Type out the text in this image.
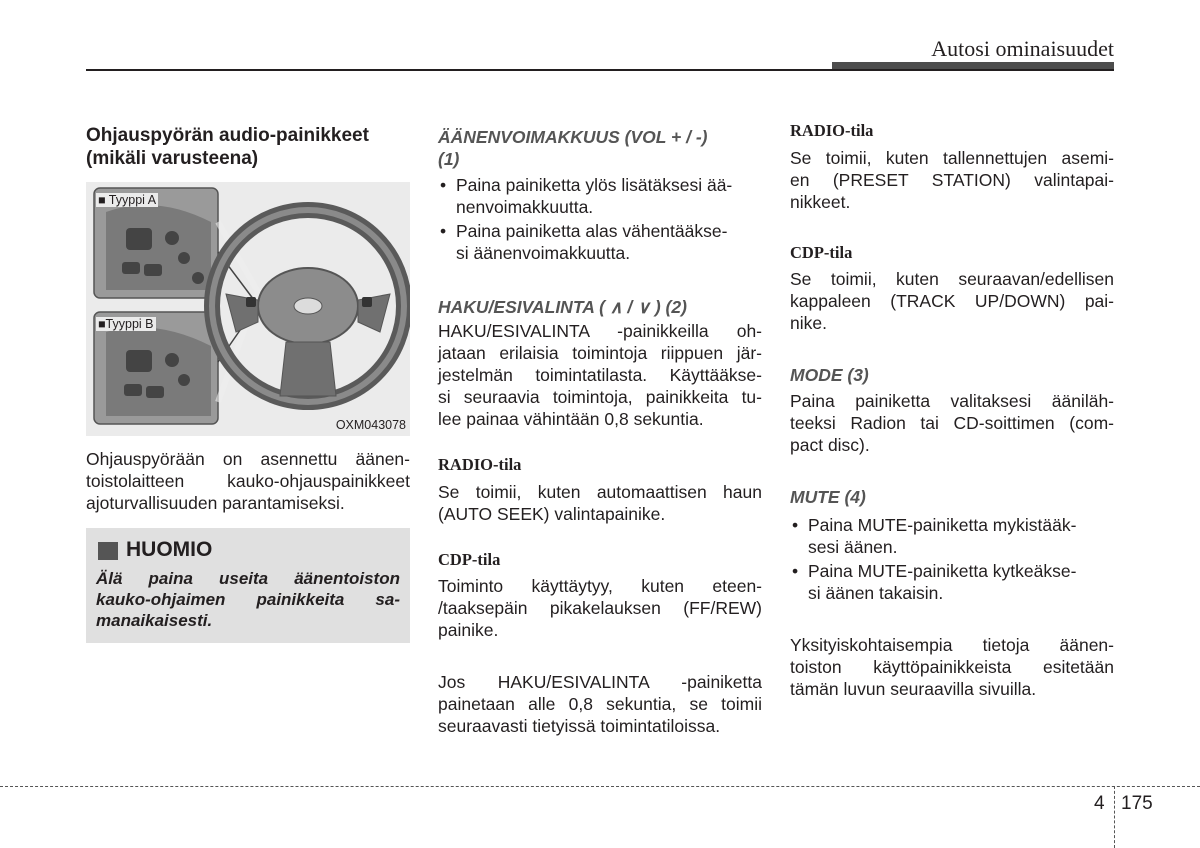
Autosi ominaisuudet
Ohjauspyörän audio-painikkeet
(mikäli varusteena)
■ Tyyppi A
■Tyyppi B
OXM043078
Ohjauspyörään on asennettu äänen-
toistolaitteen kauko-ohjauspainikkeet
ajoturvallisuuden parantamiseksi.
HUOMIO
Älä paina useita äänentoiston
kauko-ohjaimen painikkeita sa-
manaikaisesti.
ÄÄNENVOIMAKKUUS (VOL + / -)
(1)
• Paina painiketta ylös lisätäksesi ää-
nenvoimakkuutta.
• Paina painiketta alas vähentääkse-
si äänenvoimakkuutta.
HAKU/ESIVALINTA ( ∧ / ∨ ) (2)
HAKU/ESIVALINTA -painikkeilla oh-
jataan erilaisia toimintoja riippuen jär-
jestelmän toimintatilasta. Käyttääkse-
si seuraavia toimintoja, painikkeita tu-
lee painaa vähintään 0,8 sekuntia.
RADIO-tila
Se toimii, kuten automaattisen haun
(AUTO SEEK) valintapainike.
CDP-tila
Toiminto käyttäytyy, kuten eteen-
/taaksepäin pikakelauksen (FF/REW)
painike.
Jos HAKU/ESIVALINTA -painiketta
painetaan alle 0,8 sekuntia, se toimii
seuraavasti tietyissä toimintatiloissa.
RADIO-tila
Se toimii, kuten tallennettujen asemi-
en (PRESET STATION) valintapai-
nikkeet.
CDP-tila
Se toimii, kuten seuraavan/edellisen
kappaleen (TRACK UP/DOWN) pai-
nike.
MODE (3)
Paina painiketta valitaksesi ääniläh-
teeksi Radion tai CD-soittimen (com-
pact disc).
MUTE (4)
• Paina MUTE-painiketta mykistääk-
sesi äänen.
• Paina MUTE-painiketta kytkeäkse-
si äänen takaisin.
Yksityiskohtaisempia tietoja äänen-
toiston käyttöpainikkeista esitetään
tämän luvun seuraavilla sivuilla.
4 175
